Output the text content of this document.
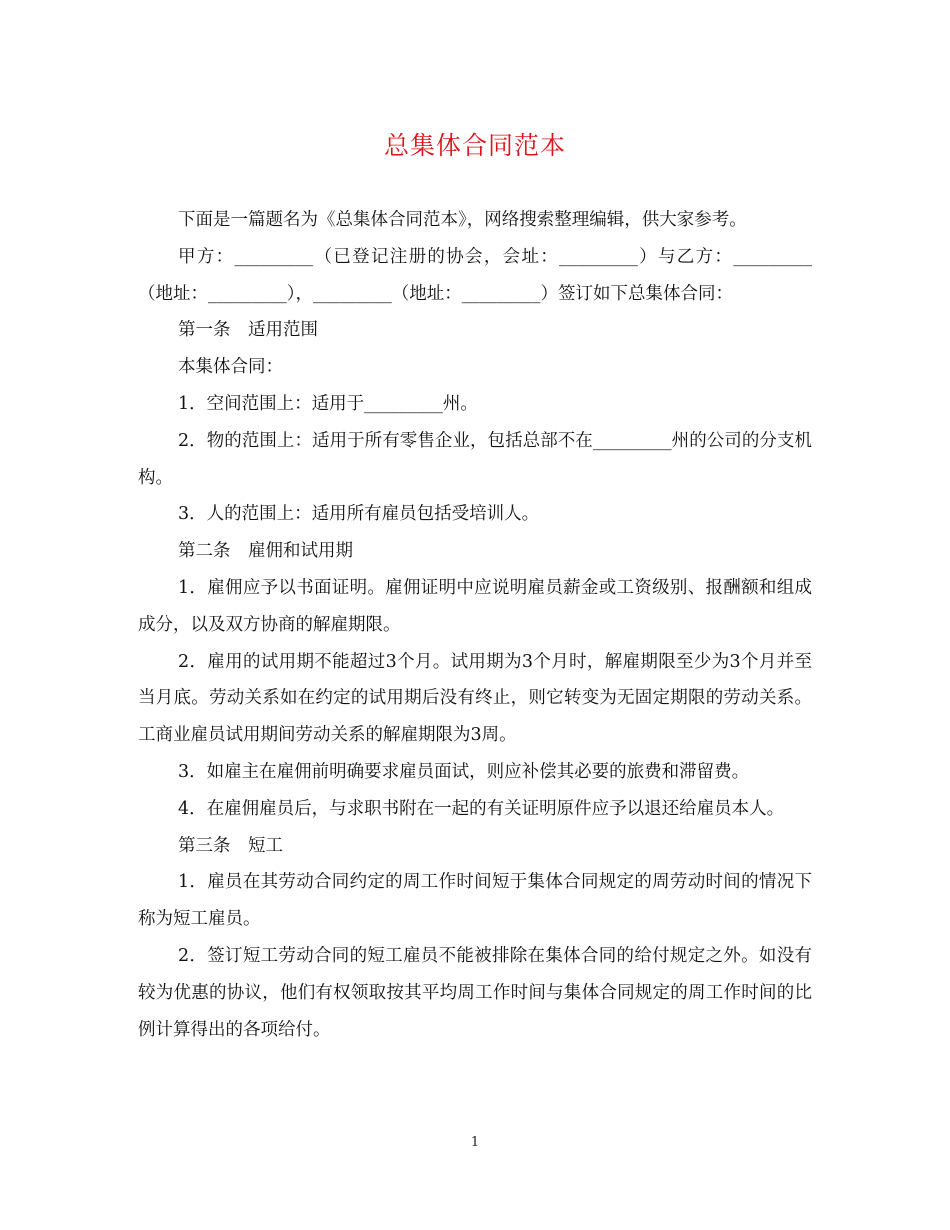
总集体合同范本

下面是一篇题名为《总集体合同范本》，网络搜索整理编辑，供大家参考。

甲方：_________（已登记注册的协会，会址：_________）与乙方：_________（地址：_________），_________（地址：_________）签订如下总集体合同：

第一条　适用范围

本集体合同：

1．空间范围上：适用于_________州。

2．物的范围上：适用于所有零售企业，包括总部不在_________州的公司的分支机构。

3．人的范围上：适用所有雇员包括受培训人。

第二条　雇佣和试用期

1．雇佣应予以书面证明。雇佣证明中应说明雇员薪金或工资级别、报酬额和组成成分，以及双方协商的解雇期限。

2．雇用的试用期不能超过3个月。试用期为3个月时，解雇期限至少为3个月并至当月底。劳动关系如在约定的试用期后没有终止，则它转变为无固定期限的劳动关系。工商业雇员试用期间劳动关系的解雇期限为3周。

3．如雇主在雇佣前明确要求雇员面试，则应补偿其必要的旅费和滞留费。

4．在雇佣雇员后，与求职书附在一起的有关证明原件应予以退还给雇员本人。

第三条　短工

1．雇员在其劳动合同约定的周工作时间短于集体合同规定的周劳动时间的情况下称为短工雇员。

2．签订短工劳动合同的短工雇员不能被排除在集体合同的给付规定之外。如没有较为优惠的协议，他们有权领取按其平均周工作时间与集体合同规定的周工作时间的比例计算得出的各项给付。

1
